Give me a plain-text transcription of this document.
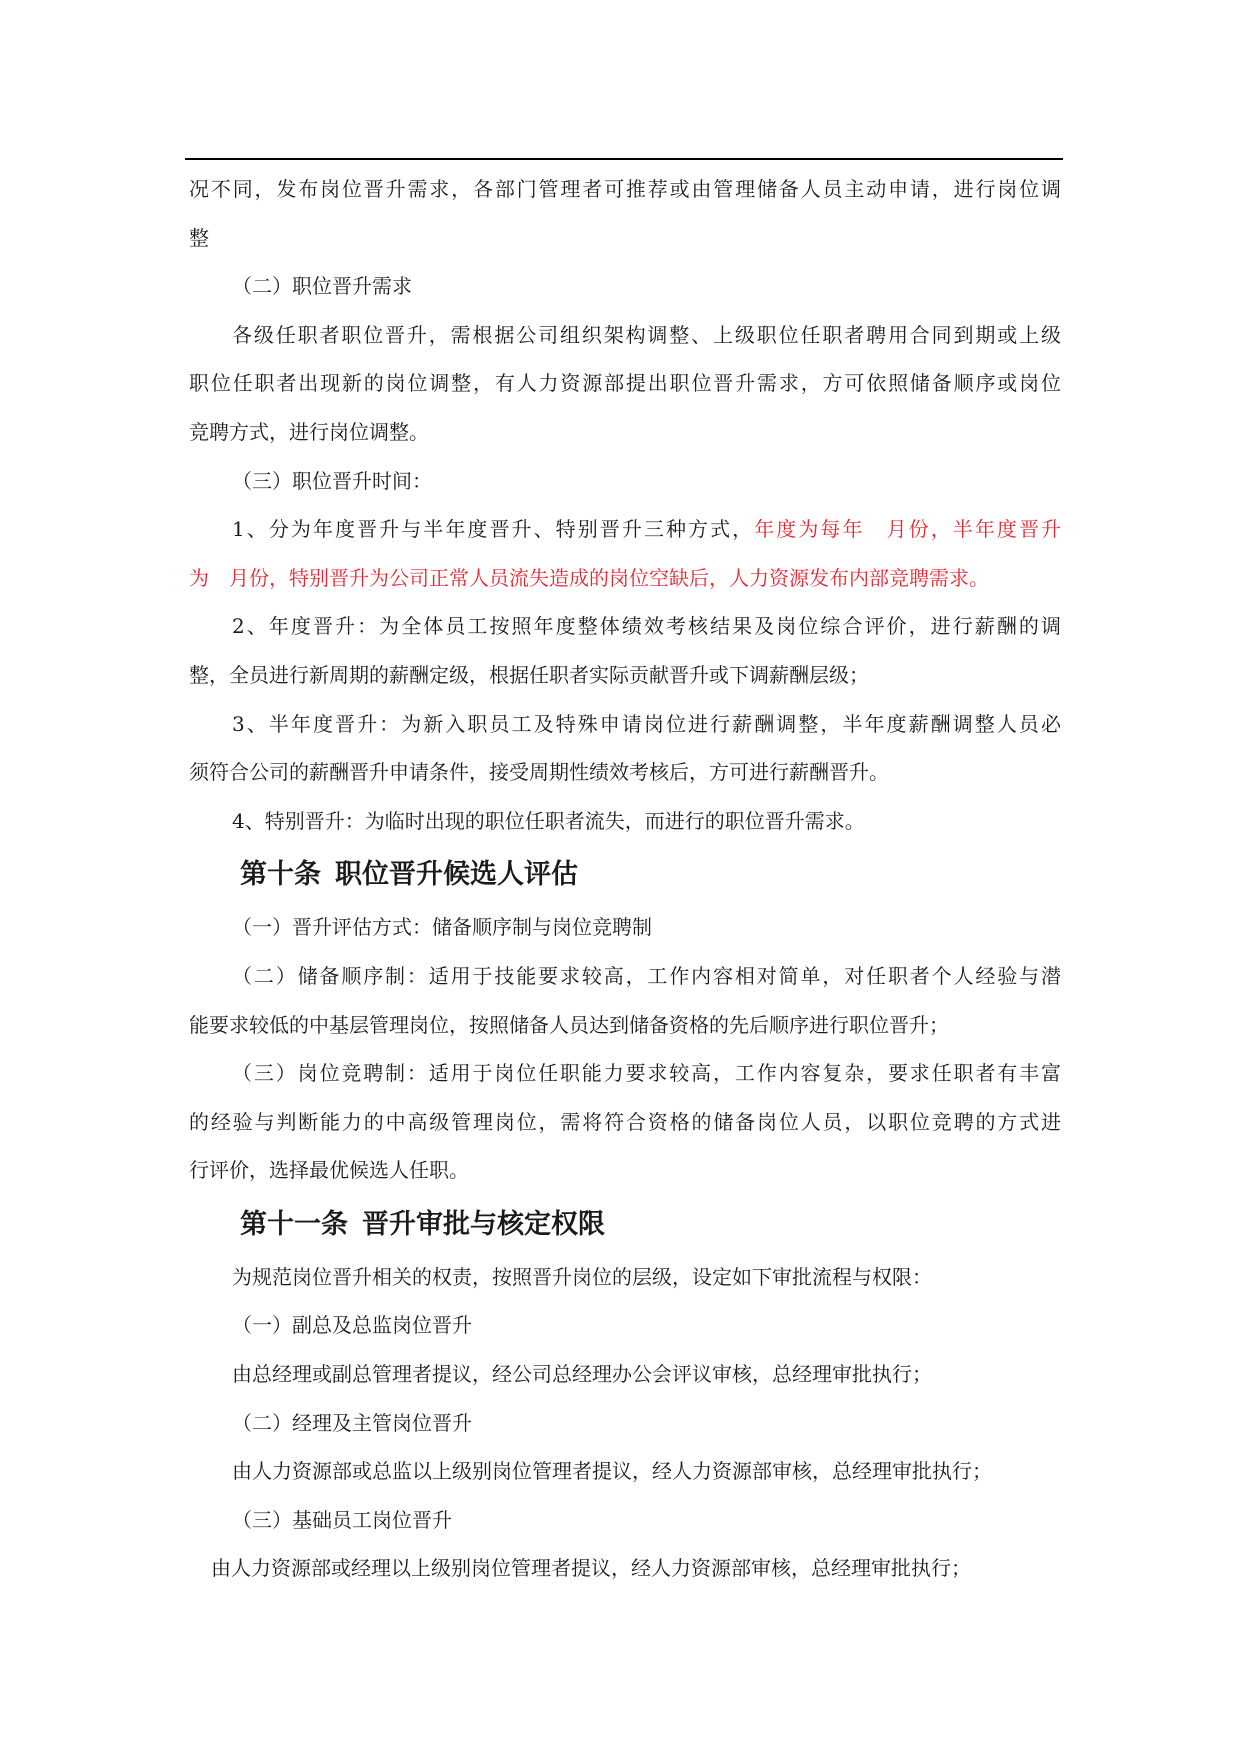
况不同，发布岗位晋升需求，各部门管理者可推荐或由管理储备人员主动申请，进行岗位调
整
（二）职位晋升需求
各级任职者职位晋升，需根据公司组织架构调整、上级职位任职者聘用合同到期或上级
职位任职者出现新的岗位调整，有人力资源部提出职位晋升需求，方可依照储备顺序或岗位
竞聘方式，进行岗位调整。
（三）职位晋升时间：
1、分为年度晋升与半年度晋升、特别晋升三种方式，年度为每年　月份，半年度晋升
为　月份，特别晋升为公司正常人员流失造成的岗位空缺后，人力资源发布内部竞聘需求。
2、年度晋升：为全体员工按照年度整体绩效考核结果及岗位综合评价，进行薪酬的调
整，全员进行新周期的薪酬定级，根据任职者实际贡献晋升或下调薪酬层级；
3、半年度晋升：为新入职员工及特殊申请岗位进行薪酬调整，半年度薪酬调整人员必
须符合公司的薪酬晋升申请条件，接受周期性绩效考核后，方可进行薪酬晋升。
4、特别晋升：为临时出现的职位任职者流失，而进行的职位晋升需求。
第十条 职位晋升候选人评估
（一）晋升评估方式：储备顺序制与岗位竞聘制
（二）储备顺序制：适用于技能要求较高，工作内容相对简单，对任职者个人经验与潜
能要求较低的中基层管理岗位，按照储备人员达到储备资格的先后顺序进行职位晋升；
（三）岗位竞聘制：适用于岗位任职能力要求较高，工作内容复杂，要求任职者有丰富
的经验与判断能力的中高级管理岗位，需将符合资格的储备岗位人员，以职位竞聘的方式进
行评价，选择最优候选人任职。
第十一条 晋升审批与核定权限
为规范岗位晋升相关的权责，按照晋升岗位的层级，设定如下审批流程与权限：
（一）副总及总监岗位晋升
由总经理或副总管理者提议，经公司总经理办公会评议审核，总经理审批执行；
（二）经理及主管岗位晋升
由人力资源部或总监以上级别岗位管理者提议，经人力资源部审核，总经理审批执行；
（三）基础员工岗位晋升
由人力资源部或经理以上级别岗位管理者提议，经人力资源部审核，总经理审批执行；
